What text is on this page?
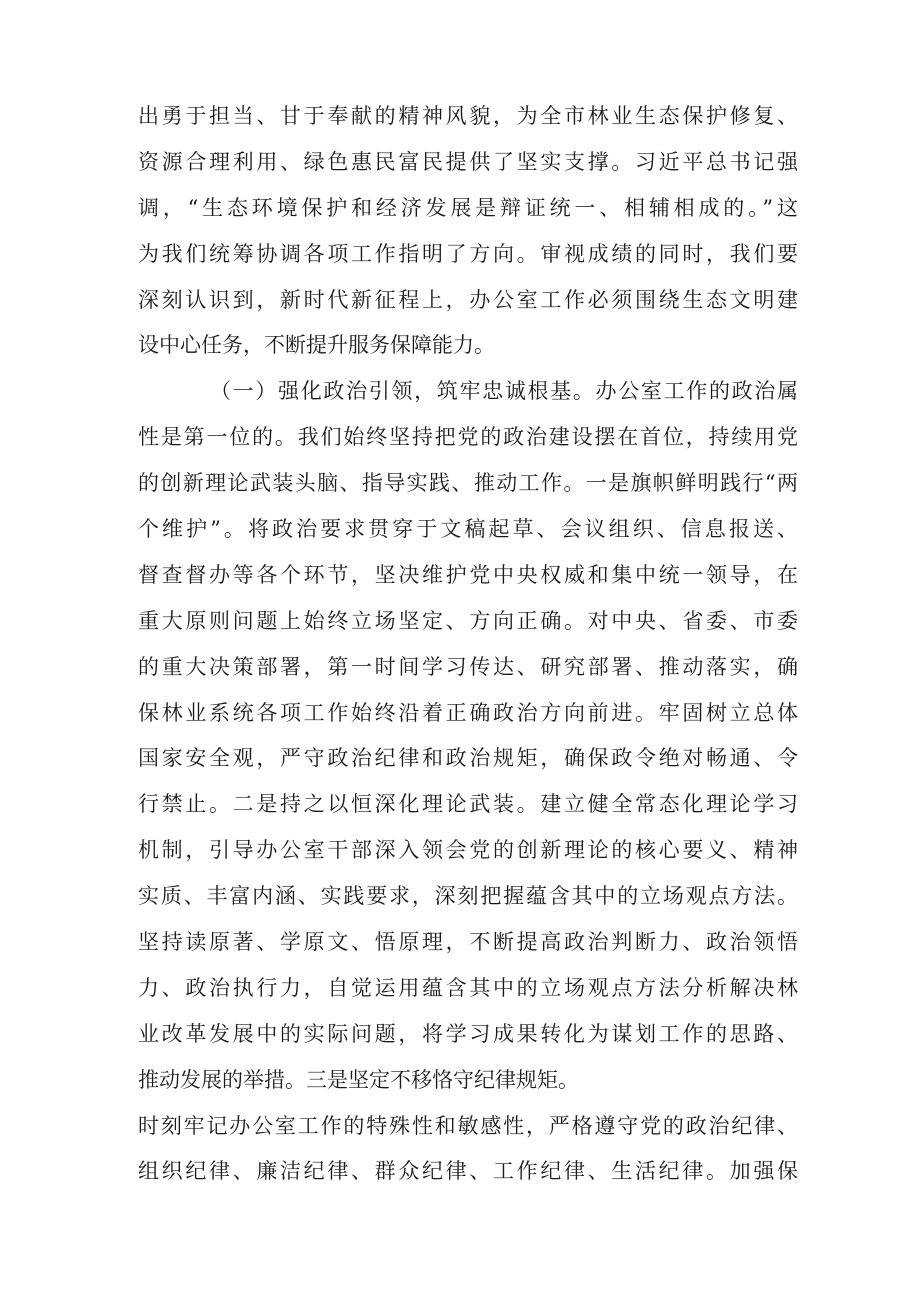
出勇于担当、甘于奉献的精神风貌，为全市林业生态保护修复、
资源合理利用、绿色惠民富民提供了坚实支撑。习近平总书记强
调，“生态环境保护和经济发展是辩证统一、相辅相成的。”这
为我们统筹协调各项工作指明了方向。审视成绩的同时，我们要
深刻认识到，新时代新征程上，办公室工作必须围绕生态文明建
设中心任务，不断提升服务保障能力。
（一）强化政治引领，筑牢忠诚根基。办公室工作的政治属
性是第一位的。我们始终坚持把党的政治建设摆在首位，持续用党
的创新理论武装头脑、指导实践、推动工作。一是旗帜鲜明践行“两
个维护”。将政治要求贯穿于文稿起草、会议组织、信息报送、
督查督办等各个环节，坚决维护党中央权威和集中统一领导，在
重大原则问题上始终立场坚定、方向正确。对中央、省委、市委
的重大决策部署，第一时间学习传达、研究部署、推动落实，确
保林业系统各项工作始终沿着正确政治方向前进。牢固树立总体
国家安全观，严守政治纪律和政治规矩，确保政令绝对畅通、令
行禁止。二是持之以恒深化理论武装。建立健全常态化理论学习
机制，引导办公室干部深入领会党的创新理论的核心要义、精神
实质、丰富内涵、实践要求，深刻把握蕴含其中的立场观点方法。
坚持读原著、学原文、悟原理，不断提高政治判断力、政治领悟
力、政治执行力，自觉运用蕴含其中的立场观点方法分析解决林
业改革发展中的实际问题，将学习成果转化为谋划工作的思路、
推动发展的举措。三是坚定不移恪守纪律规矩。
时刻牢记办公室工作的特殊性和敏感性，严格遵守党的政治纪律、
组织纪律、廉洁纪律、群众纪律、工作纪律、生活纪律。加强保
